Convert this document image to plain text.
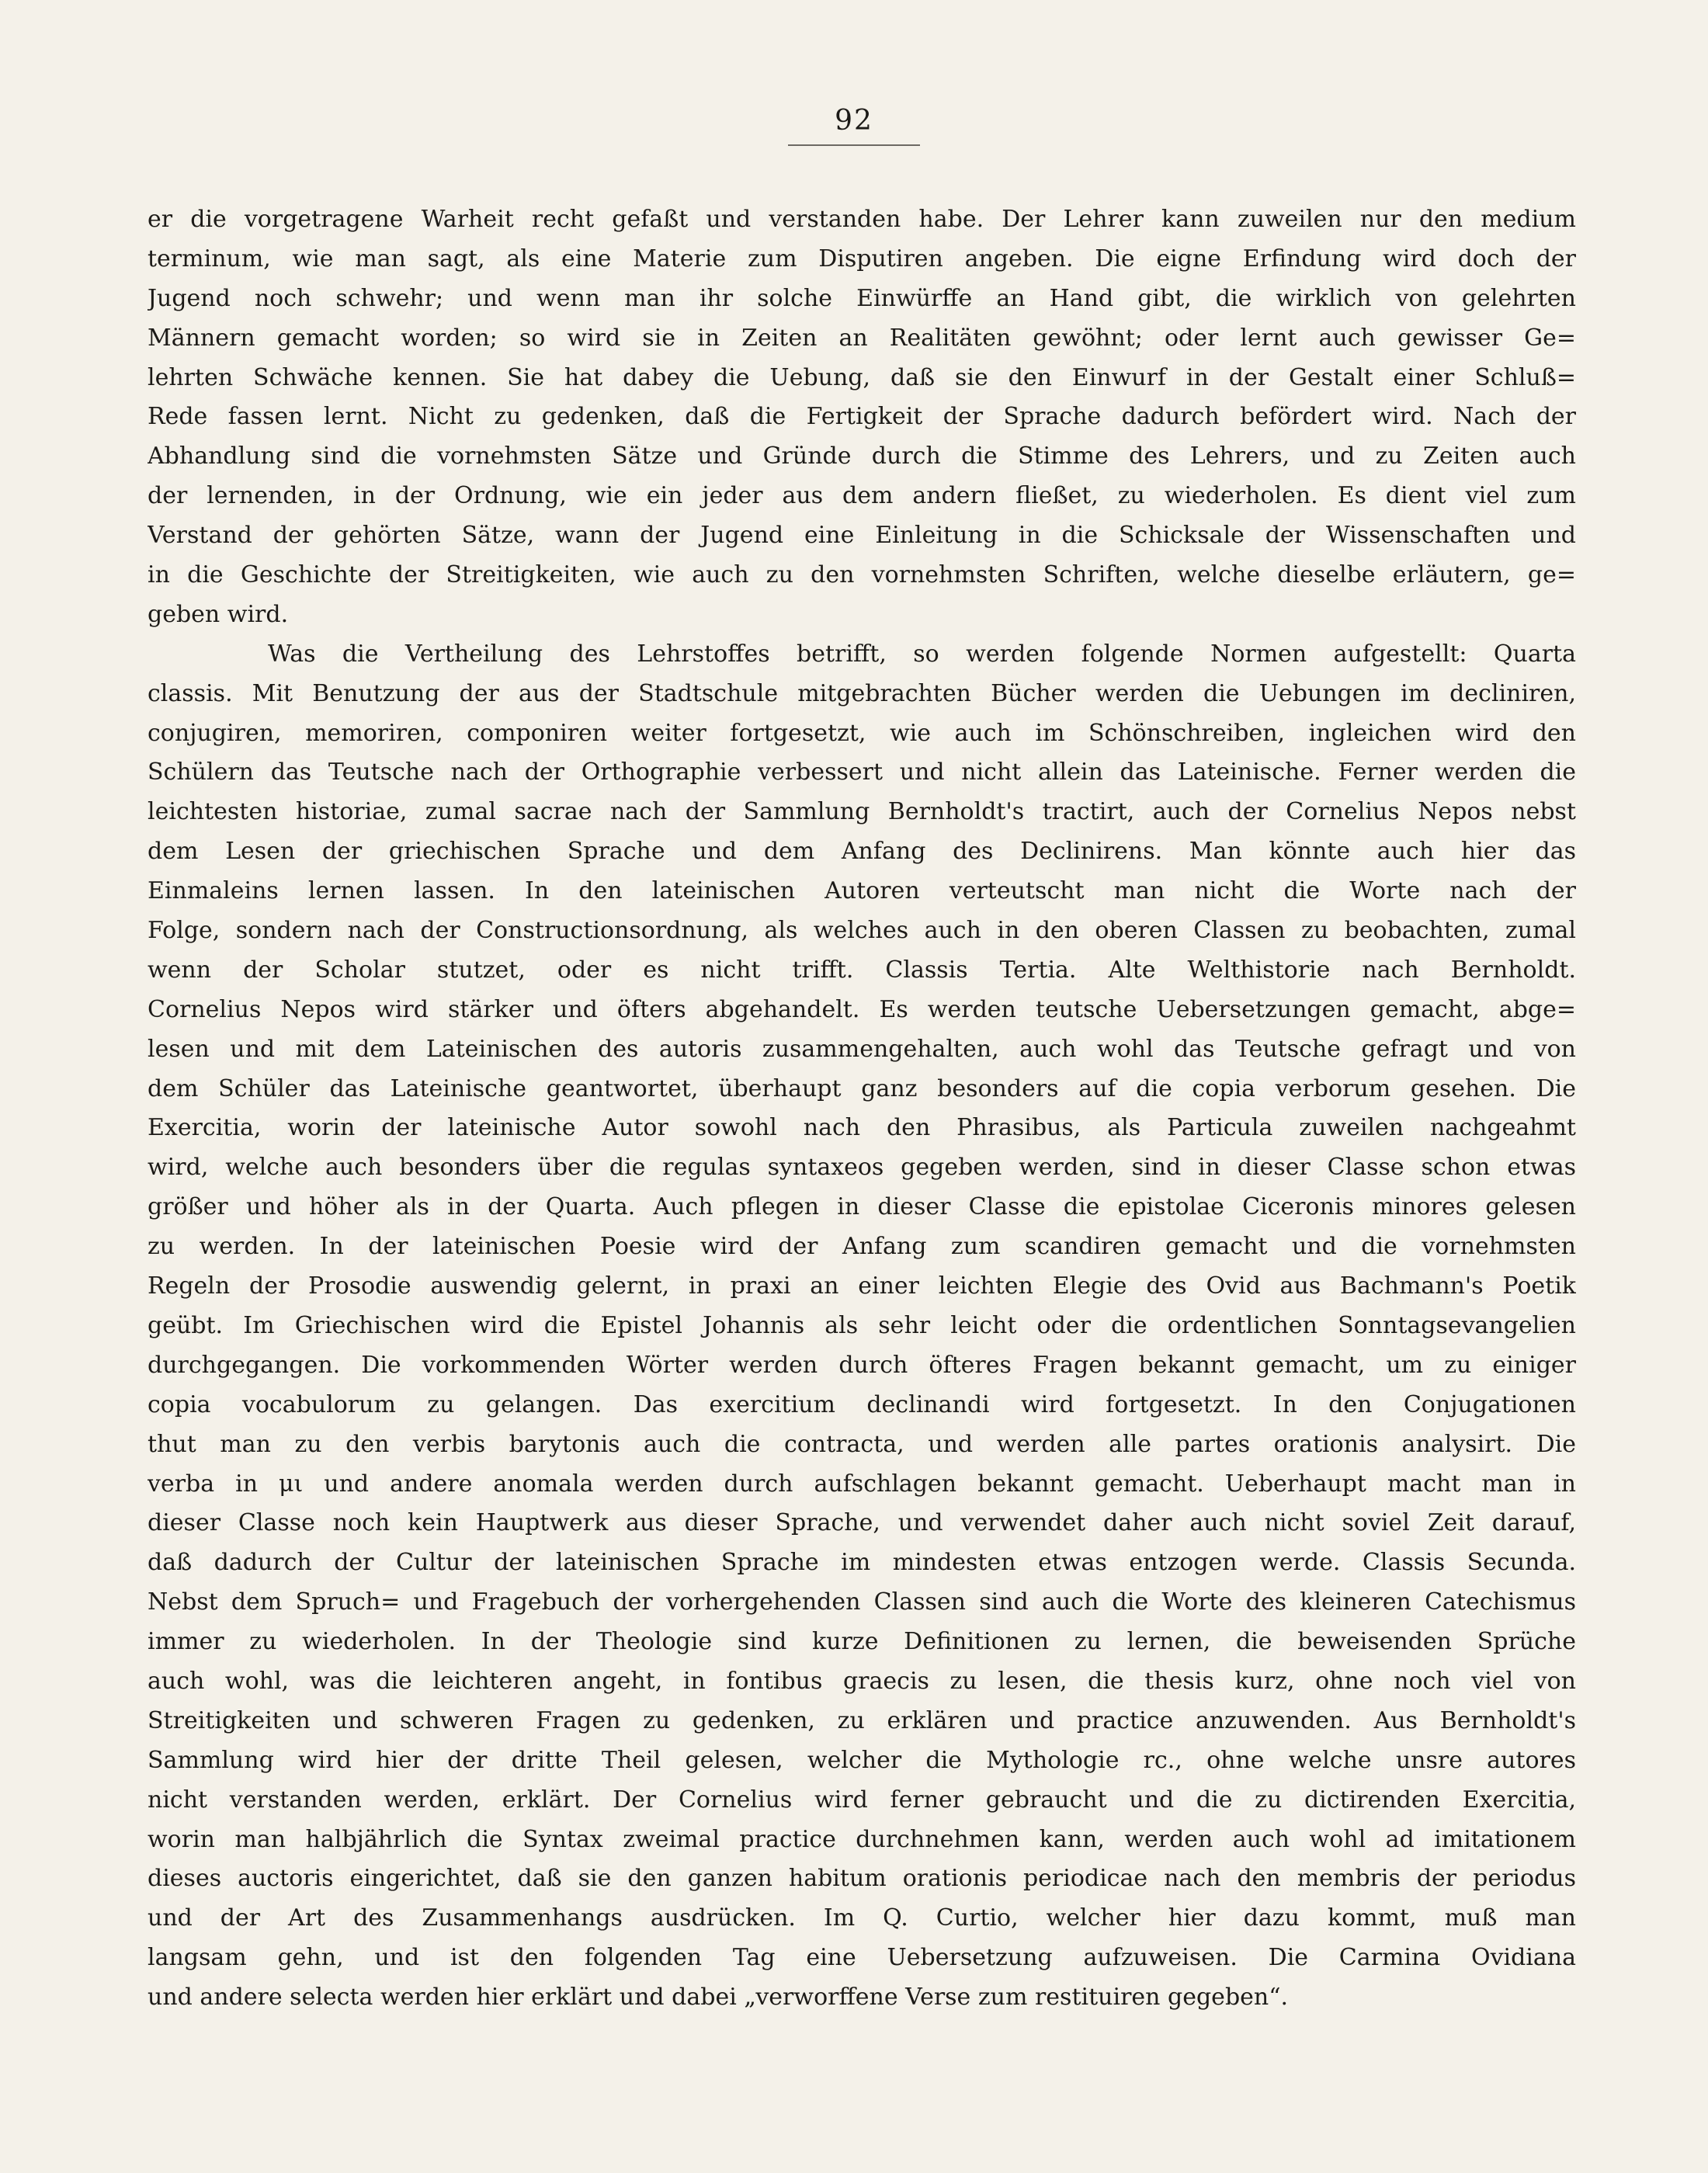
92
er die vorgetragene Warheit recht gefaßt und verstanden habe. Der Lehrer kann zuweilen nur den medium
terminum, wie man sagt, als eine Materie zum Disputiren angeben. Die eigne Erfindung wird doch der
Jugend noch schwehr; und wenn man ihr solche Einwürffe an Hand gibt, die wirklich von gelehrten
Männern gemacht worden; so wird sie in Zeiten an Realitäten gewöhnt; oder lernt auch gewisser Ge=
lehrten Schwäche kennen. Sie hat dabey die Uebung, daß sie den Einwurf in der Gestalt einer Schluß=
Rede fassen lernt. Nicht zu gedenken, daß die Fertigkeit der Sprache dadurch befördert wird. Nach der
Abhandlung sind die vornehmsten Sätze und Gründe durch die Stimme des Lehrers, und zu Zeiten auch
der lernenden, in der Ordnung, wie ein jeder aus dem andern fließet, zu wiederholen. Es dient viel zum
Verstand der gehörten Sätze, wann der Jugend eine Einleitung in die Schicksale der Wissenschaften und
in die Geschichte der Streitigkeiten, wie auch zu den vornehmsten Schriften, welche dieselbe erläutern, ge=
geben wird.
Was die Vertheilung des Lehrstoffes betrifft, so werden folgende Normen aufgestellt: Quarta
classis. Mit Benutzung der aus der Stadtschule mitgebrachten Bücher werden die Uebungen im decliniren,
conjugiren, memoriren, componiren weiter fortgesetzt, wie auch im Schönschreiben, ingleichen wird den
Schülern das Teutsche nach der Orthographie verbessert und nicht allein das Lateinische. Ferner werden die
leichtesten historiae, zumal sacrae nach der Sammlung Bernholdt's tractirt, auch der Cornelius Nepos nebst
dem Lesen der griechischen Sprache und dem Anfang des Declinirens. Man könnte auch hier das
Einmaleins lernen lassen. In den lateinischen Autoren verteutscht man nicht die Worte nach der
Folge, sondern nach der Constructionsordnung, als welches auch in den oberen Classen zu beobachten, zumal
wenn der Scholar stutzet, oder es nicht trifft. Classis Tertia. Alte Welthistorie nach Bernholdt.
Cornelius Nepos wird stärker und öfters abgehandelt. Es werden teutsche Uebersetzungen gemacht, abge=
lesen und mit dem Lateinischen des autoris zusammengehalten, auch wohl das Teutsche gefragt und von
dem Schüler das Lateinische geantwortet, überhaupt ganz besonders auf die copia verborum gesehen. Die
Exercitia, worin der lateinische Autor sowohl nach den Phrasibus, als Particula zuweilen nachgeahmt
wird, welche auch besonders über die regulas syntaxeos gegeben werden, sind in dieser Classe schon etwas
größer und höher als in der Quarta. Auch pflegen in dieser Classe die epistolae Ciceronis minores gelesen
zu werden. In der lateinischen Poesie wird der Anfang zum scandiren gemacht und die vornehmsten
Regeln der Prosodie auswendig gelernt, in praxi an einer leichten Elegie des Ovid aus Bachmann's Poetik
geübt. Im Griechischen wird die Epistel Johannis als sehr leicht oder die ordentlichen Sonntagsevangelien
durchgegangen. Die vorkommenden Wörter werden durch öfteres Fragen bekannt gemacht, um zu einiger
copia vocabulorum zu gelangen. Das exercitium declinandi wird fortgesetzt. In den Conjugationen
thut man zu den verbis barytonis auch die contracta, und werden alle partes orationis analysirt. Die
verba in μι und andere anomala werden durch aufschlagen bekannt gemacht. Ueberhaupt macht man in
dieser Classe noch kein Hauptwerk aus dieser Sprache, und verwendet daher auch nicht soviel Zeit darauf,
daß dadurch der Cultur der lateinischen Sprache im mindesten etwas entzogen werde. Classis Secunda.
Nebst dem Spruch= und Fragebuch der vorhergehenden Classen sind auch die Worte des kleineren Catechismus
immer zu wiederholen. In der Theologie sind kurze Definitionen zu lernen, die beweisenden Sprüche
auch wohl, was die leichteren angeht, in fontibus graecis zu lesen, die thesis kurz, ohne noch viel von
Streitigkeiten und schweren Fragen zu gedenken, zu erklären und practice anzuwenden. Aus Bernholdt's
Sammlung wird hier der dritte Theil gelesen, welcher die Mythologie rc., ohne welche unsre autores
nicht verstanden werden, erklärt. Der Cornelius wird ferner gebraucht und die zu dictirenden Exercitia,
worin man halbjährlich die Syntax zweimal practice durchnehmen kann, werden auch wohl ad imitationem
dieses auctoris eingerichtet, daß sie den ganzen habitum orationis periodicae nach den membris der periodus
und der Art des Zusammenhangs ausdrücken. Im Q. Curtio, welcher hier dazu kommt, muß man
langsam gehn, und ist den folgenden Tag eine Uebersetzung aufzuweisen. Die Carmina Ovidiana
und andere selecta werden hier erklärt und dabei „verworffene Verse zum restituiren gegeben“.
